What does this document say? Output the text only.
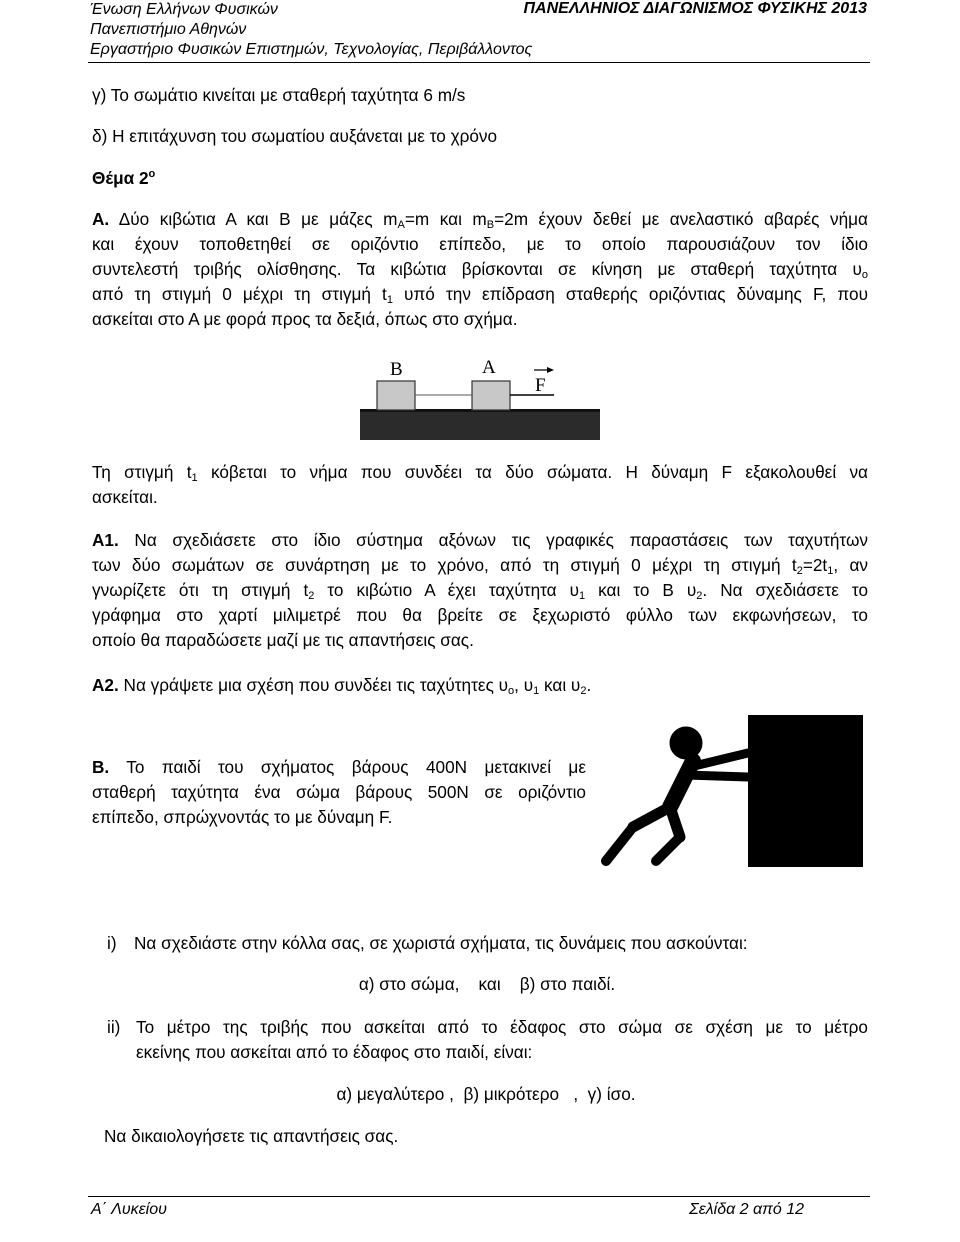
Ένωση Ελλήνων Φυσικών
Πανεπιστήμιο Αθηνών
Εργαστήριο Φυσικών Επιστημών, Τεχνολογίας, Περιβάλλοντος
ΠΑΝΕΛΛΗΝΙΟΣ ΔΙΑΓΩΝΙΣΜΟΣ ΦΥΣΙΚΗΣ 2013
γ) Το σωμάτιο κινείται με σταθερή ταχύτητα 6 m/s
δ) Η επιτάχυνση του σωματίου αυξάνεται με το χρόνο
Θέμα $2^o$
Α. Δύο κιβώτια Α και Β με μάζες $m_A=m$ και $m_B=2m$ έχουν δεθεί με ανελαστικό αβαρές νήμα
και έχουν τοποθετηθεί σε οριζόντιο επίπεδο, με το οποίο παρουσιάζουν τον ίδιο
συντελεστή τριβής ολίσθησης. Τα κιβώτια βρίσκονται σε κίνηση με σταθερή ταχύτητα $\upsilon_o$
από τη στιγμή 0 μέχρι τη στιγμή $t_1$ υπό την επίδραση σταθερής οριζόντιας δύναμης F, που
ασκείται στο Α με φορά προς τα δεξιά, όπως στο σχήμα.
B	A
F
Τη στιγμή $t_1$ κόβεται το νήμα που συνδέει τα δύο σώματα. Η δύναμη F εξακολουθεί να
ασκείται.
Α1. Να σχεδιάσετε στο ίδιο σύστημα αξόνων τις γραφικές παραστάσεις των ταχυτήτων
των δύο σωμάτων σε συνάρτηση με το χρόνο, από τη στιγμή 0 μέχρι τη στιγμή $t_2=2t_1$, αν
γνωρίζετε ότι τη στιγμή $t_2$ το κιβώτιο Α έχει ταχύτητα $\upsilon_1$ και το Β $\upsilon_2$. Να σχεδιάσετε το
γράφημα στο χαρτί μιλιμετρέ που θα βρείτε σε ξεχωριστό φύλλο των εκφωνήσεων, το
οποίο θα παραδώσετε μαζί με τις απαντήσεις σας.
Α2. Να γράψετε μια σχέση που συνδέει τις ταχύτητες $\upsilon_o$, $\upsilon_1$ και $\upsilon_2$.
Β. Το παιδί του σχήματος βάρους 400Ν μετακινεί με
σταθερή ταχύτητα ένα σώμα βάρους 500Ν σε οριζόντιο
επίπεδο, σπρώχνοντάς το με δύναμη F.
i) Να σχεδιάστε στην κόλλα σας, σε χωριστά σχήματα, τις δυνάμεις που ασκούνται:
α) στο σώμα,    και    β) στο παιδί.
ii) Το μέτρο της τριβής που ασκείται από το έδαφος στο σώμα σε σχέση με το μέτρο
εκείνης που ασκείται από το έδαφος στο παιδί, είναι:
α) μεγαλύτερο ,  β) μικρότερο   ,  γ) ίσο.
Να δικαιολογήσετε τις απαντήσεις σας.
Α΄ Λυκείου	Σελίδα 2 από 12
